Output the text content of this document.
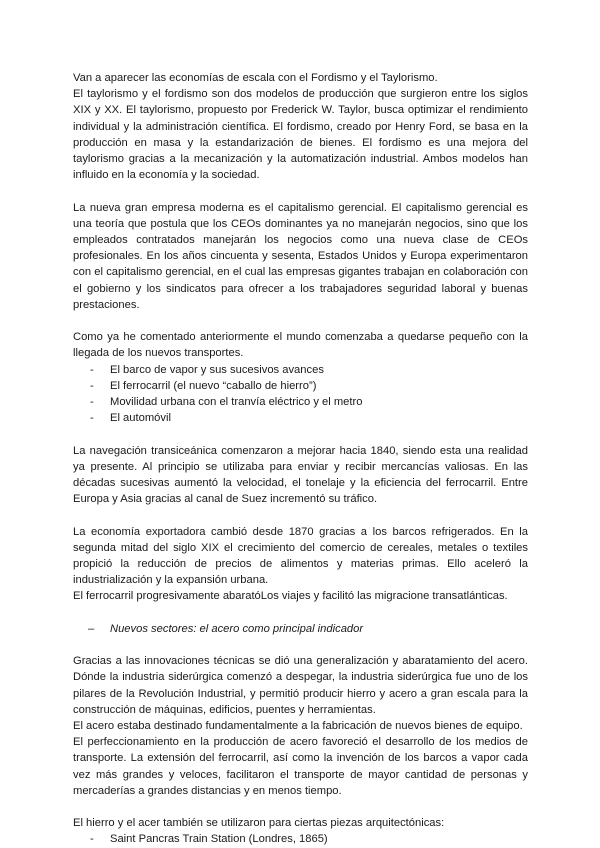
Van a aparecer las economías de escala con el Fordismo y el Taylorismo.

El taylorismo y el fordismo son dos modelos de producción que surgieron entre los siglos XIX y XX. El taylorismo, propuesto por Frederick W. Taylor, busca optimizar el rendimiento individual y la administración científica. El fordismo, creado por Henry Ford, se basa en la producción en masa y la estandarización de bienes. El fordismo es una mejora del taylorismo gracias a la mecanización y la automatización industrial. Ambos modelos han influido en la economía y la sociedad.

La nueva gran empresa moderna es el capitalismo gerencial. El capitalismo gerencial es una teoría que postula que los CEOs dominantes ya no manejarán negocios, sino que los empleados contratados manejarán los negocios como una nueva clase de CEOs profesionales. En los años cincuenta y sesenta, Estados Unidos y Europa experimentaron con el capitalismo gerencial, en el cual las empresas gigantes trabajan en colaboración con el gobierno y los sindicatos para ofrecer a los trabajadores seguridad laboral y buenas prestaciones.

Como ya he comentado anteriormente el mundo comenzaba a quedarse pequeño con la llegada de los nuevos transportes.

- El barco de vapor y sus sucesivos avances
- El ferrocarril (el nuevo “caballo de hierro”)
- Movilidad urbana con el tranvía eléctrico y el metro
- El automóvil

La navegación transiceánica comenzaron a mejorar hacia 1840, siendo esta una realidad ya presente. Al principio se utilizaba para enviar y recibir mercancías valiosas. En las décadas sucesivas aumentó la velocidad, el tonelaje y la eficiencia del ferrocarril. Entre Europa y Asia gracias al canal de Suez incrementó su tráfico.

La economía exportadora cambió desde 1870 gracias a los barcos refrigerados. En la segunda mitad del siglo XIX el crecimiento del comercio de cereales, metales o textiles propició la reducción de precios de alimentos y materias primas. Ello aceleró la industrialización y la expansión urbana.

El ferrocarril progresivamente abaratóLos viajes y facilitó las migracione transatlánticas.

– Nuevos sectores: el acero como principal indicador

Gracias a las innovaciones técnicas se dió una generalización y abaratamiento del acero. Dónde la industria siderúrgica comenzó a despegar, la industria siderúrgica fue uno de los pilares de la Revolución Industrial, y permitió producir hierro y acero a gran escala para la construcción de máquinas, edificios, puentes y herramientas.

El acero estaba destinado fundamentalmente a la fabricación de nuevos bienes de equipo.

El perfeccionamiento en la producción de acero favoreció el desarrollo de los medios de transporte. La extensión del ferrocarril, así como la invención de los barcos a vapor cada vez más grandes y veloces, facilitaron el transporte de mayor cantidad de personas y mercaderías a grandes distancias y en menos tiempo.

El hierro y el acer también se utilizaron para ciertas piezas arquitectónicas:

- Saint Pancras Train Station (Londres, 1865)
